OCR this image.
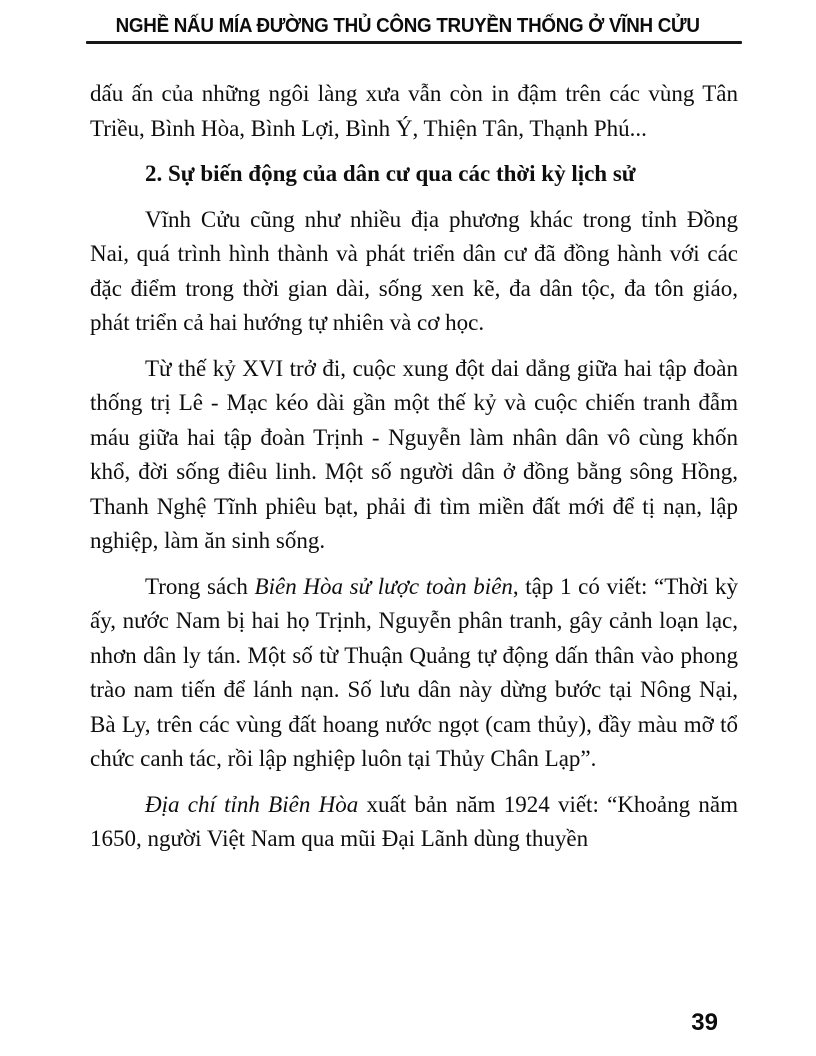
NGHỀ NẤU MÍA ĐƯỜNG THỦ CÔNG TRUYỀN THỐNG Ở VĨNH CỬU

dấu ấn của những ngôi làng xưa vẫn còn in đậm trên các vùng Tân Triều, Bình Hòa, Bình Lợi, Bình Ý, Thiện Tân, Thạnh Phú...

2. Sự biến động của dân cư qua các thời kỳ lịch sử

Vĩnh Cửu cũng như nhiều địa phương khác trong tỉnh Đồng Nai, quá trình hình thành và phát triển dân cư đã đồng hành với các đặc điểm trong thời gian dài, sống xen kẽ, đa dân tộc, đa tôn giáo, phát triển cả hai hướng tự nhiên và cơ học.

Từ thế kỷ XVI trở đi, cuộc xung đột dai dẳng giữa hai tập đoàn thống trị Lê - Mạc kéo dài gần một thế kỷ và cuộc chiến tranh đẫm máu giữa hai tập đoàn Trịnh - Nguyễn làm nhân dân vô cùng khốn khổ, đời sống điêu linh. Một số người dân ở đồng bằng sông Hồng, Thanh Nghệ Tĩnh phiêu bạt, phải đi tìm miền đất mới để tị nạn, lập nghiệp, làm ăn sinh sống.

Trong sách Biên Hòa sử lược toàn biên, tập 1 có viết: “Thời kỳ ấy, nước Nam bị hai họ Trịnh, Nguyễn phân tranh, gây cảnh loạn lạc, nhơn dân ly tán. Một số từ Thuận Quảng tự động dấn thân vào phong trào nam tiến để lánh nạn. Số lưu dân này dừng bước tại Nông Nại, Bà Ly, trên các vùng đất hoang nước ngọt (cam thủy), đầy màu mỡ tổ chức canh tác, rồi lập nghiệp luôn tại Thủy Chân Lạp”.

Địa chí tỉnh Biên Hòa xuất bản năm 1924 viết: “Khoảng năm 1650, người Việt Nam qua mũi Đại Lãnh dùng thuyền

39
